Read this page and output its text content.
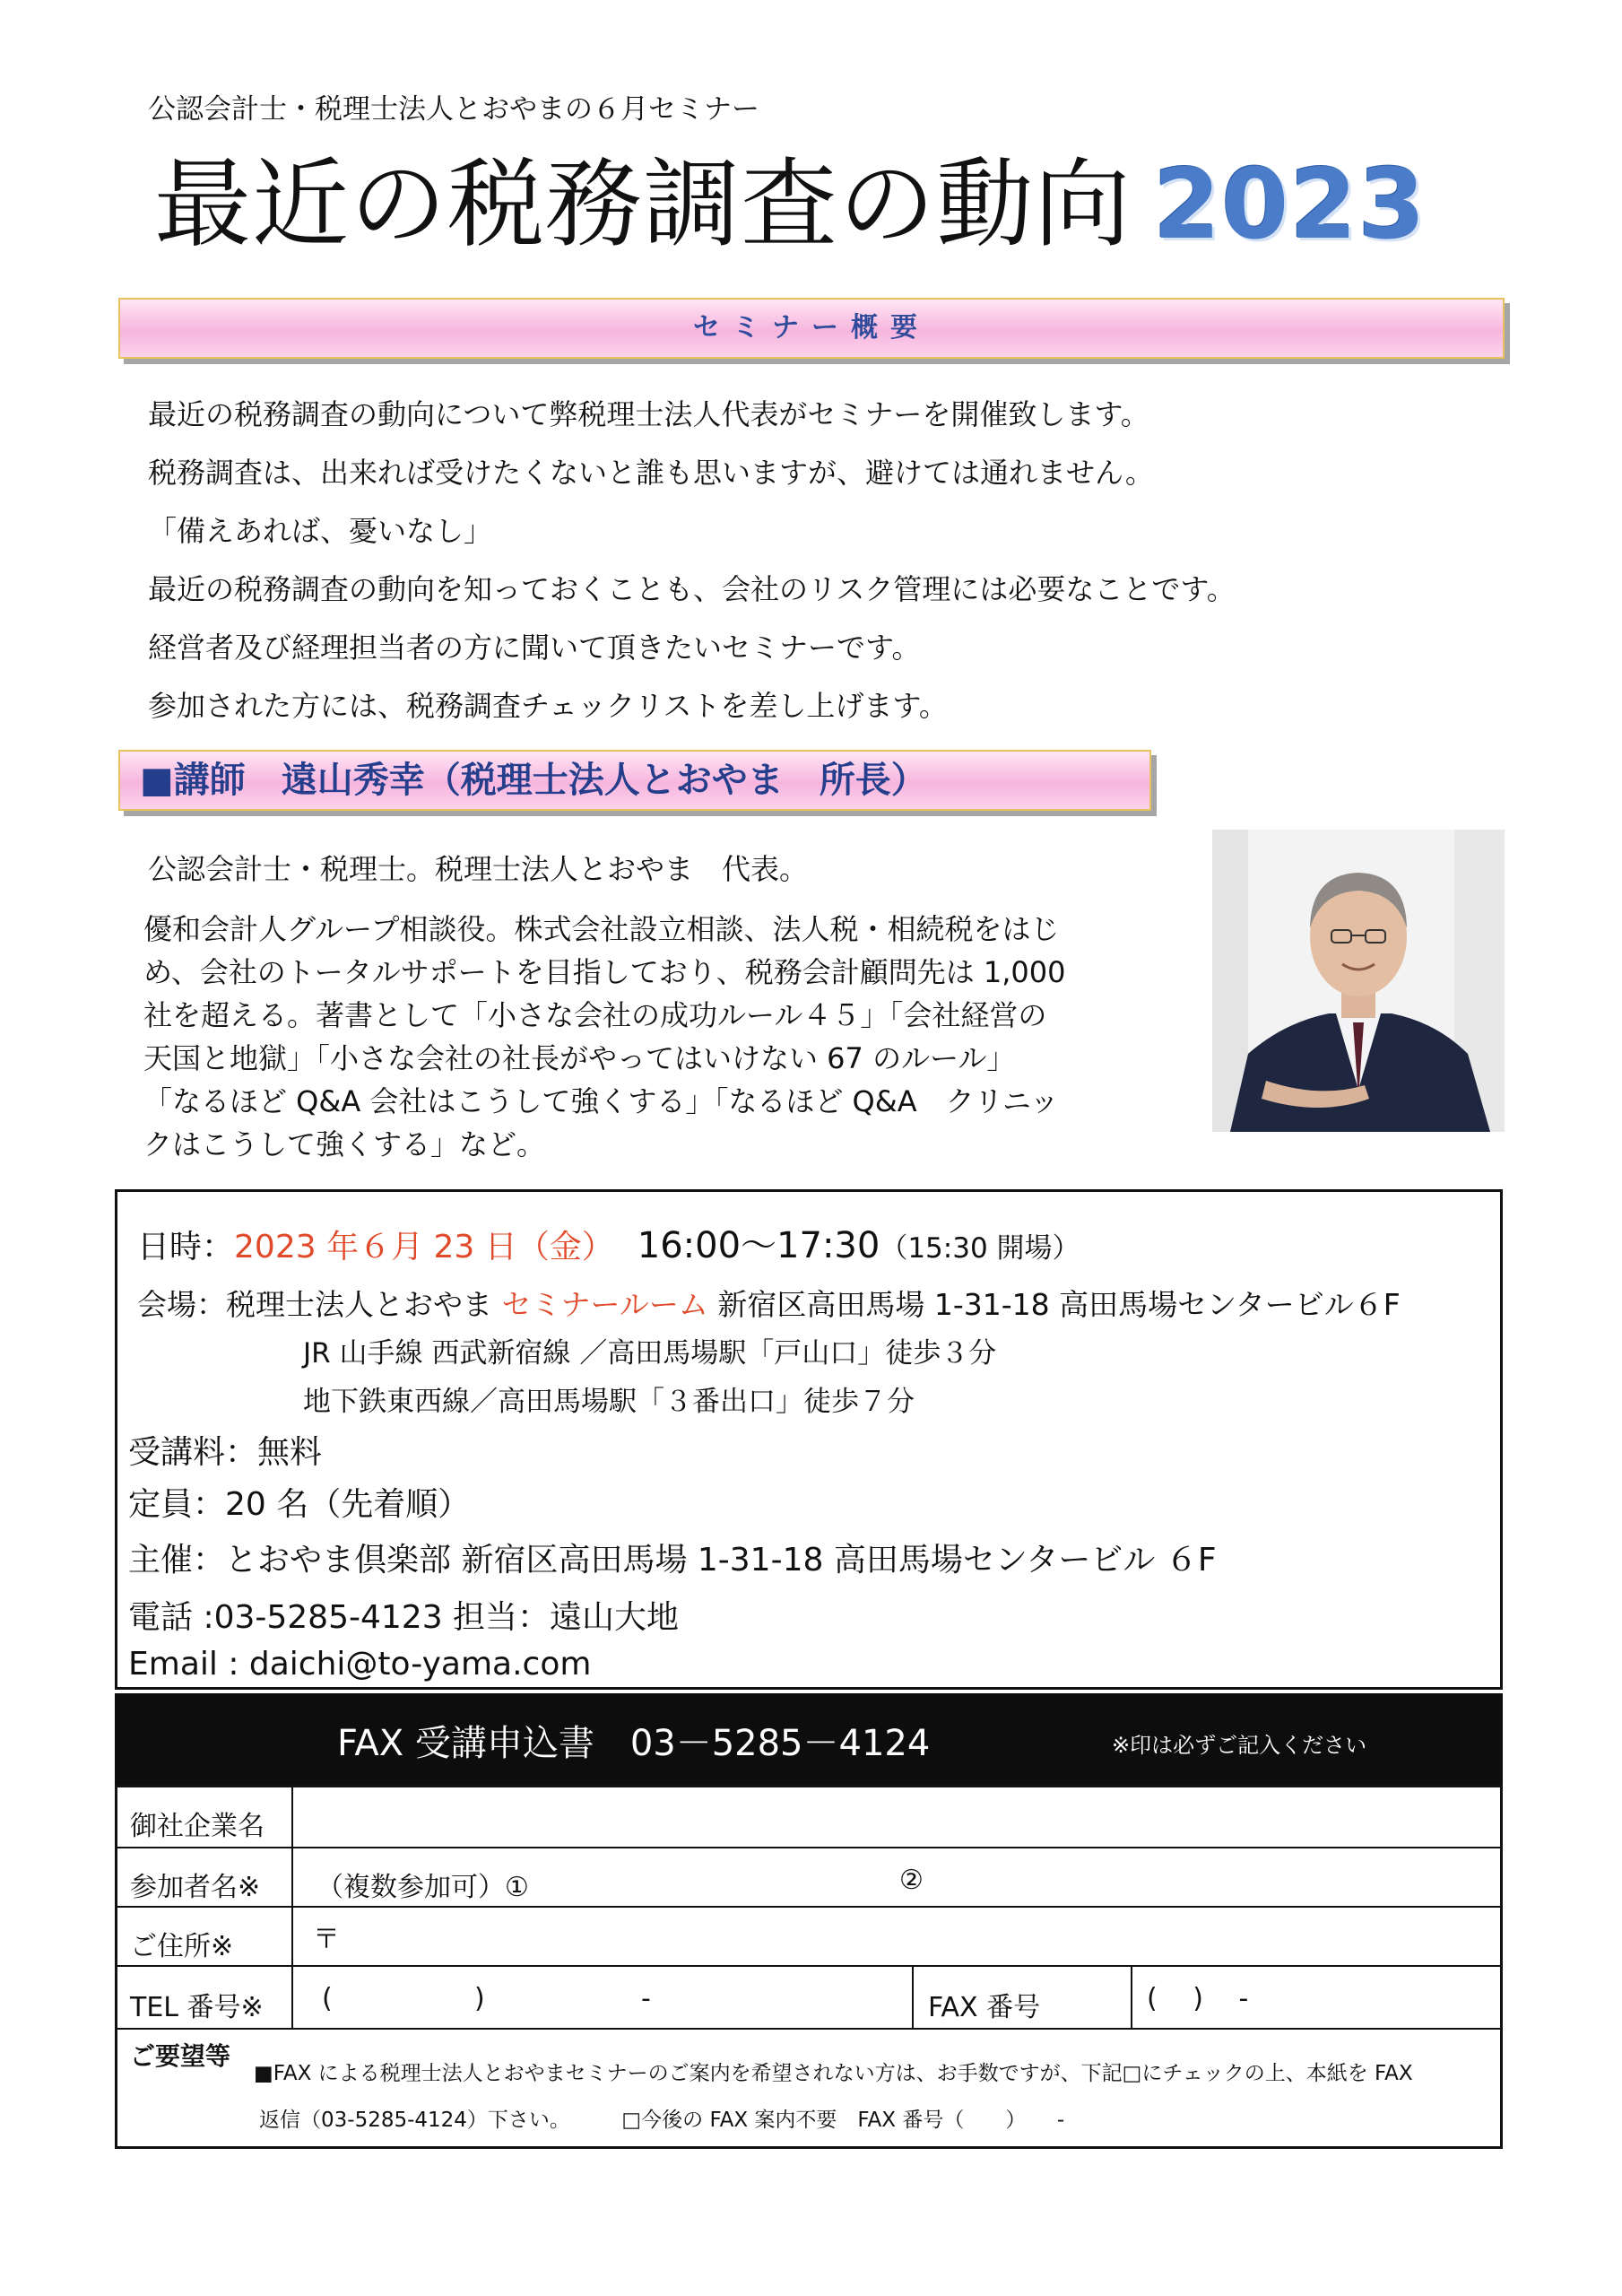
公認会計士・税理士法人とおやまの６月セミナー
最近の税務調査の動向 2023
セミナー概要
最近の税務調査の動向について弊税理士法人代表がセミナーを開催致します。
税務調査は、出来れば受けたくないと誰も思いますが、避けては通れません。
「備えあれば、憂いなし」
最近の税務調査の動向を知っておくことも、会社のリスク管理には必要なことです。
経営者及び経理担当者の方に聞いて頂きたいセミナーです。
参加された方には、税務調査チェックリストを差し上げます。
■講師　遠山秀幸（税理士法人とおやま　所長）
公認会計士・税理士。税理士法人とおやま　代表。
優和会計人グループ相談役。株式会社設立相談、法人税・相続税をはじ
め、会社のトータルサポートを目指しており、税務会計顧問先は 1,000
社を超える。著書として「小さな会社の成功ルール４５」「会社経営の
天国と地獄」「小さな会社の社長がやってはいけない 67 のルール」
「なるほど Q&A 会社はこうして強くする」「なるほど Q&A　クリニッ
クはこうして強くする」など。
日時：2023 年６月 23 日（金） 16:00～17:30（15:30 開場）
会場：税理士法人とおやま セミナールーム 新宿区高田馬場 1-31-18 高田馬場センタービル６F
JR 山手線 西武新宿線 ／高田馬場駅「戸山口」徒歩３分
地下鉄東西線／高田馬場駅「３番出口」徒歩７分
受講料：無料
定員：20 名（先着順）
主催：とおやま倶楽部 新宿区高田馬場 1-31-18 高田馬場センタービル ６F
電話 :03-5285-4123 担当：遠山大地
Email : daichi@to-yama.com
FAX 受講申込書　03－5285－4124	※印は必ずご記入ください
御社企業名
参加者名※ （複数参加可）①	②
ご住所※	〒
TEL 番号※ (	)	-	FAX 番号	(　 )　 -
ご要望等
■FAX による税理士法人とおやまセミナーのご案内を希望されない方は、お手数ですが、下記□にチェックの上、本紙を FAX
返信（03-5285-4124）下さい。　　　□今後の FAX 案内不要　FAX 番号（　　）　　-
